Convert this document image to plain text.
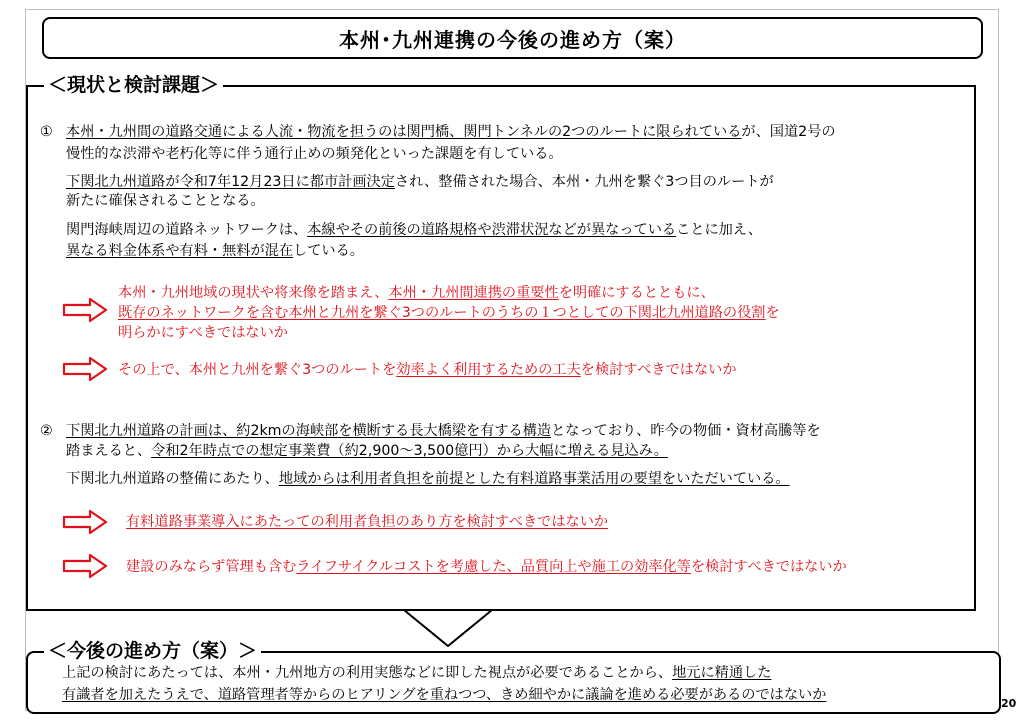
本州･九州連携の今後の進め方（案）
＜現状と検討課題＞
① 本州・九州間の道路交通による人流・物流を担うのは関門橋、関門トンネルの2つのルートに限られているが、国道2号の
慢性的な渋滞や老朽化等に伴う通行止めの頻発化といった課題を有している。
下関北九州道路が令和7年12月23日に都市計画決定され、整備された場合、本州・九州を繋ぐ3つ目のルートが
新たに確保されることとなる。
関門海峡周辺の道路ネットワークは、本線やその前後の道路規格や渋滞状況などが異なっていることに加え、
異なる料金体系や有料・無料が混在している。
本州・九州地域の現状や将来像を踏まえ、本州・九州間連携の重要性を明確にするとともに、
既存のネットワークを含む本州と九州を繋ぐ3つのルートのうちの１つとしての下関北九州道路の役割を
明らかにすべきではないか
その上で、本州と九州を繋ぐ3つのルートを効率よく利用するための工夫を検討すべきではないか
② 下関北九州道路の計画は、約2kmの海峡部を横断する長大橋梁を有する構造となっており、昨今の物価・資材高騰等を
踏まえると、令和2年時点での想定事業費（約2,900～3,500億円）から大幅に増える見込み。
下関北九州道路の整備にあたり、地域からは利用者負担を前提とした有料道路事業活用の要望をいただいている。
有料道路事業導入にあたっての利用者負担のあり方を検討すべきではないか
建設のみならず管理も含むライフサイクルコストを考慮した、品質向上や施工の効率化等を検討すべきではないか
＜今後の進め方（案）＞
上記の検討にあたっては、本州・九州地方の利用実態などに即した視点が必要であることから、地元に精通した
有識者を加えたうえで、道路管理者等からのヒアリングを重ねつつ、きめ細やかに議論を進める必要があるのではないか
20
